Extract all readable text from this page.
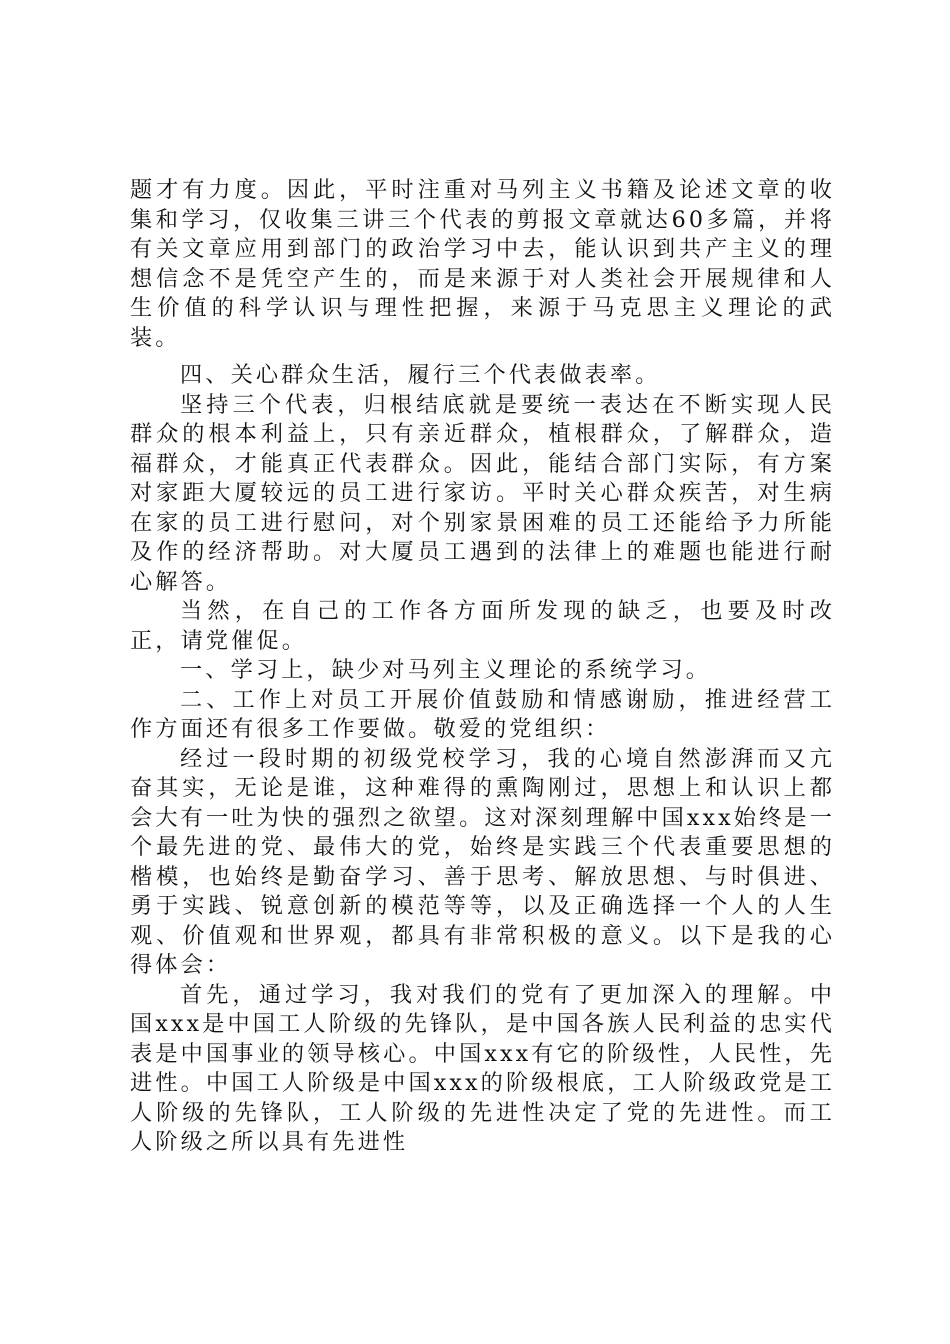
题才有力度。因此，平时注重对马列主义书籍及论述文章的收集和学习，仅收集三讲三个代表的剪报文章就达60多篇，并将有关文章应用到部门的政治学习中去，能认识到共产主义的理想信念不是凭空产生的，而是来源于对人类社会开展规律和人生价值的科学认识与理性把握，来源于马克思主义理论的武装。

四、关心群众生活，履行三个代表做表率。

坚持三个代表，归根结底就是要统一表达在不断实现人民群众的根本利益上，只有亲近群众，植根群众，了解群众，造福群众，才能真正代表群众。因此，能结合部门实际，有方案对家距大厦较远的员工进行家访。平时关心群众疾苦，对生病在家的员工进行慰问，对个别家景困难的员工还能给予力所能及作的经济帮助。对大厦员工遇到的法律上的难题也能进行耐心解答。

当然，在自己的工作各方面所发现的缺乏，也要及时改正，请党催促。

一、学习上，缺少对马列主义理论的系统学习。

二、工作上对员工开展价值鼓励和情感谢励，推进经营工作方面还有很多工作要做。敬爱的党组织：

经过一段时期的初级党校学习，我的心境自然澎湃而又亢奋其实，无论是谁，这种难得的熏陶刚过，思想上和认识上都会大有一吐为快的强烈之欲望。这对深刻理解中国xxx始终是一个最先进的党、最伟大的党，始终是实践三个代表重要思想的楷模，也始终是勤奋学习、善于思考、解放思想、与时俱进、勇于实践、锐意创新的模范等等，以及正确选择一个人的人生观、价值观和世界观，都具有非常积极的意义。以下是我的心得体会：

首先，通过学习，我对我们的党有了更加深入的理解。中国xxx是中国工人阶级的先锋队，是中国各族人民利益的忠实代表是中国事业的领导核心。中国xxx有它的阶级性，人民性，先进性。中国工人阶级是中国xxx的阶级根底，工人阶级政党是工人阶级的先锋队，工人阶级的先进性决定了党的先进性。而工人阶级之所以具有先进性
